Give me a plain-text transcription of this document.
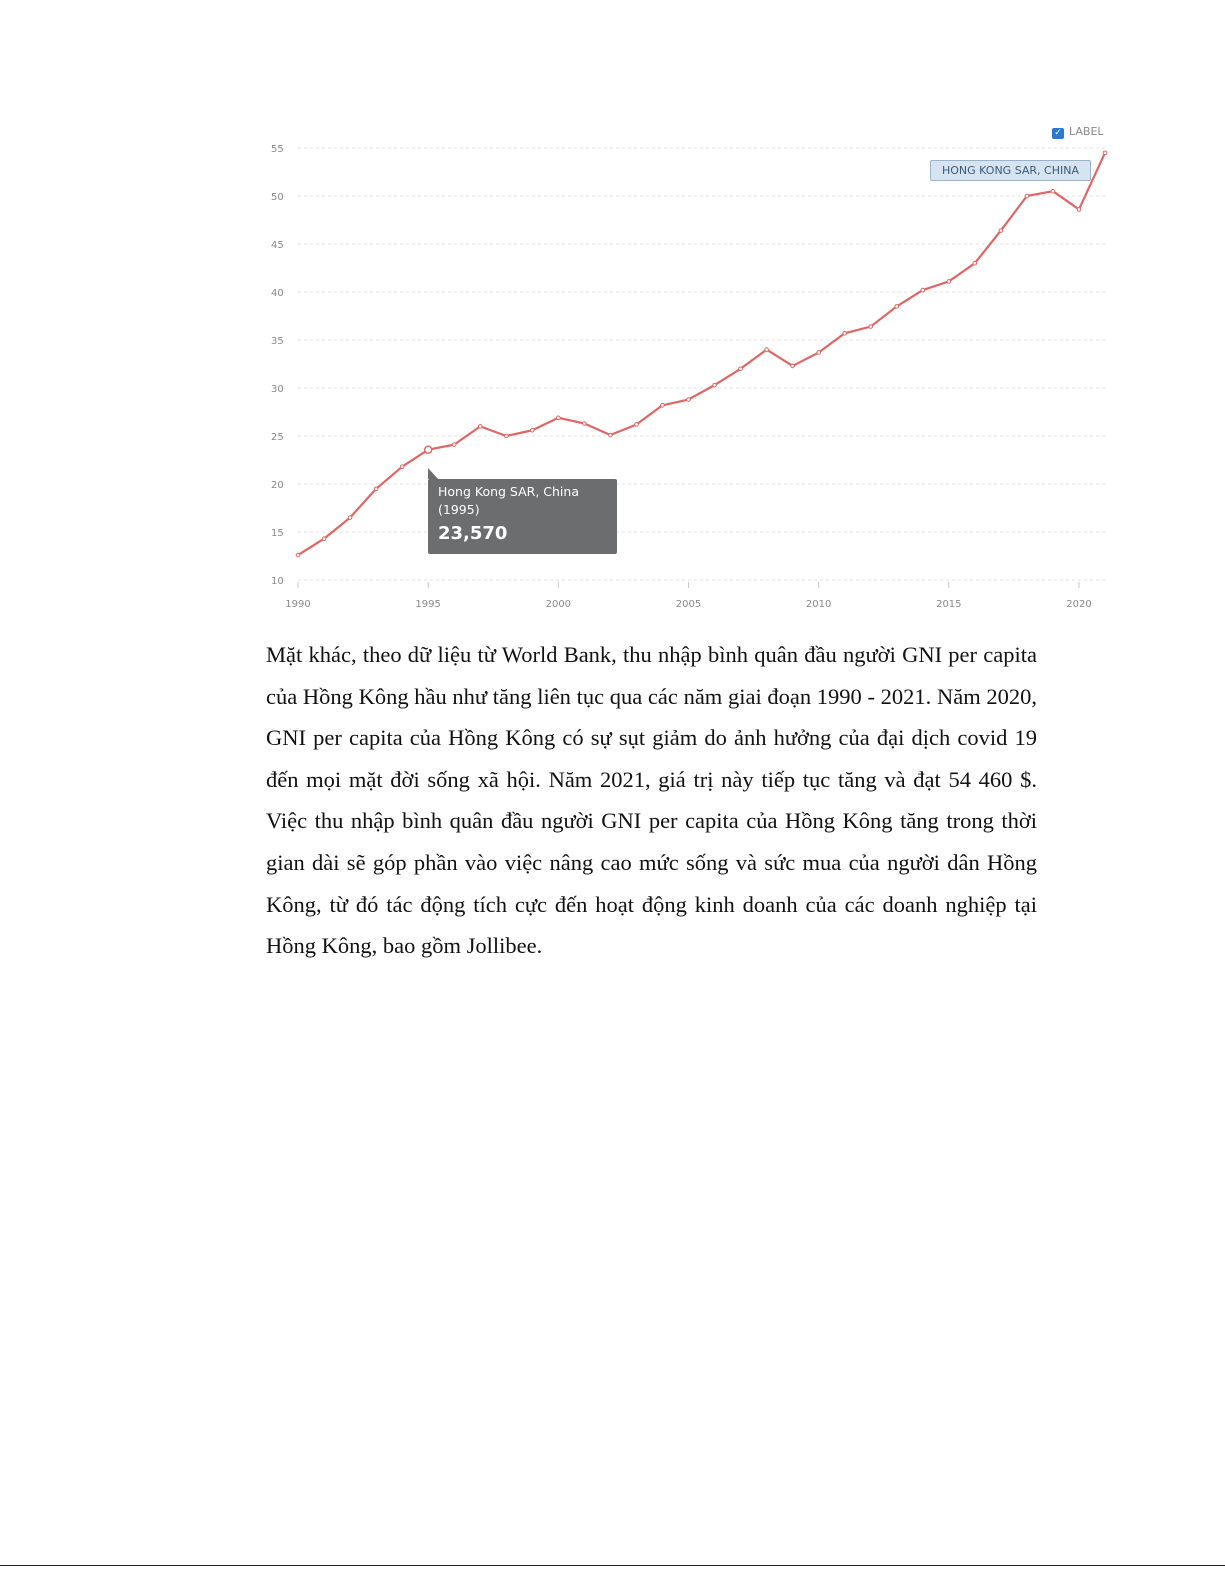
10
15
20
25
30
35
40
45
50
55
1990	1995	2000	2005	2010	2015	2020
✓ LABEL
HONG KONG SAR, CHINA
Hong Kong SAR, China
(1995)
23,570

Mặt khác, theo dữ liệu từ World Bank, thu nhập bình quân đầu người GNI per capita của Hồng Kông hầu như tăng liên tục qua các năm giai đoạn 1990 - 2021. Năm 2020, GNI per capita của Hồng Kông có sự sụt giảm do ảnh hưởng của đại dịch covid 19 đến mọi mặt đời sống xã hội. Năm 2021, giá trị này tiếp tục tăng và đạt 54 460 $. Việc thu nhập bình quân đầu người GNI per capita của Hồng Kông tăng trong thời gian dài sẽ góp phần vào việc nâng cao mức sống và sức mua của người dân Hồng Kông, từ đó tác động tích cực đến hoạt động kinh doanh của các doanh nghiệp tại Hồng Kông, bao gồm Jollibee.
